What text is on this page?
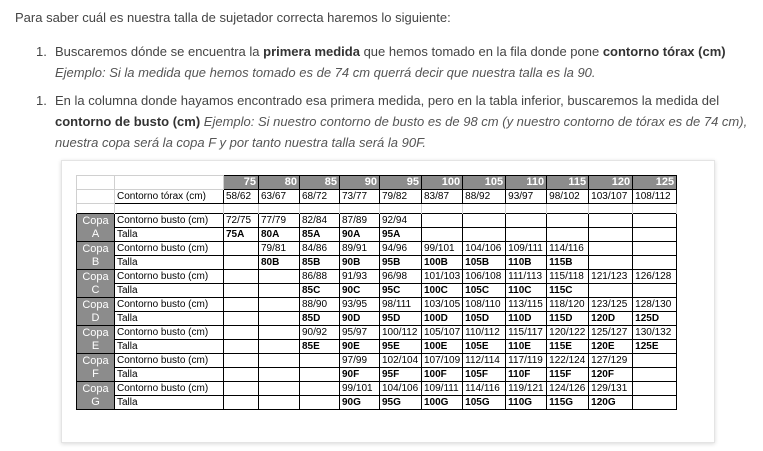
Para saber cuál es nuestra talla de sujetador correcta haremos lo siguiente:
1. Buscaremos dónde se encuentra la primera medida que hemos tomado en la fila donde pone contorno tórax (cm)
Ejemplo: Si la medida que hemos tomado es de 74 cm querrá decir que nuestra talla es la 90.
1. En la columna donde hayamos encontrado esa primera medida, pero en la tabla inferior, buscaremos la medida del contorno de busto (cm) Ejemplo: Si nuestro contorno de busto es de 98 cm (y nuestro contorno de tórax es de 74 cm), nuestra copa será la copa F y por tanto nuestra talla será la 90F.
		75	80	85	90	95	100	105	110	115	120	125
	Contorno tórax (cm)	58/62	63/67	68/72	73/77	79/82	83/87	88/92	93/97	98/102	103/107	108/112

Copa
A	Contorno busto (cm)	72/75	77/79	82/84	87/89	92/94						
	Talla	75A	80A	85A	90A	95A						

Copa
B	Contorno busto (cm)		79/81	84/86	89/91	94/96	99/101	104/106	109/111	114/116		
	Talla		80B	85B	90B	95B	100B	105B	110B	115B		

Copa
C	Contorno busto (cm)			86/88	91/93	96/98	101/103	106/108	111/113	115/118	121/123	126/128
	Talla			85C	90C	95C	100C	105C	110C	115C		

Copa
D	Contorno busto (cm)			88/90	93/95	98/111	103/105	108/110	113/115	118/120	123/125	128/130
	Talla			85D	90D	95D	100D	105D	110D	115D	120D	125D

Copa
E	Contorno busto (cm)			90/92	95/97	100/112	105/107	110/112	115/117	120/122	125/127	130/132
	Talla			85E	90E	95E	100E	105E	110E	115E	120E	125E

Copa
F	Contorno busto (cm)				97/99	102/104	107/109	112/114	117/119	122/124	127/129	
	Talla				90F	95F	100F	105F	110F	115F	120F	

Copa
G	Contorno busto (cm)				99/101	104/106	109/111	114/116	119/121	124/126	129/131	
	Talla				90G	95G	100G	105G	110G	115G	120G	
